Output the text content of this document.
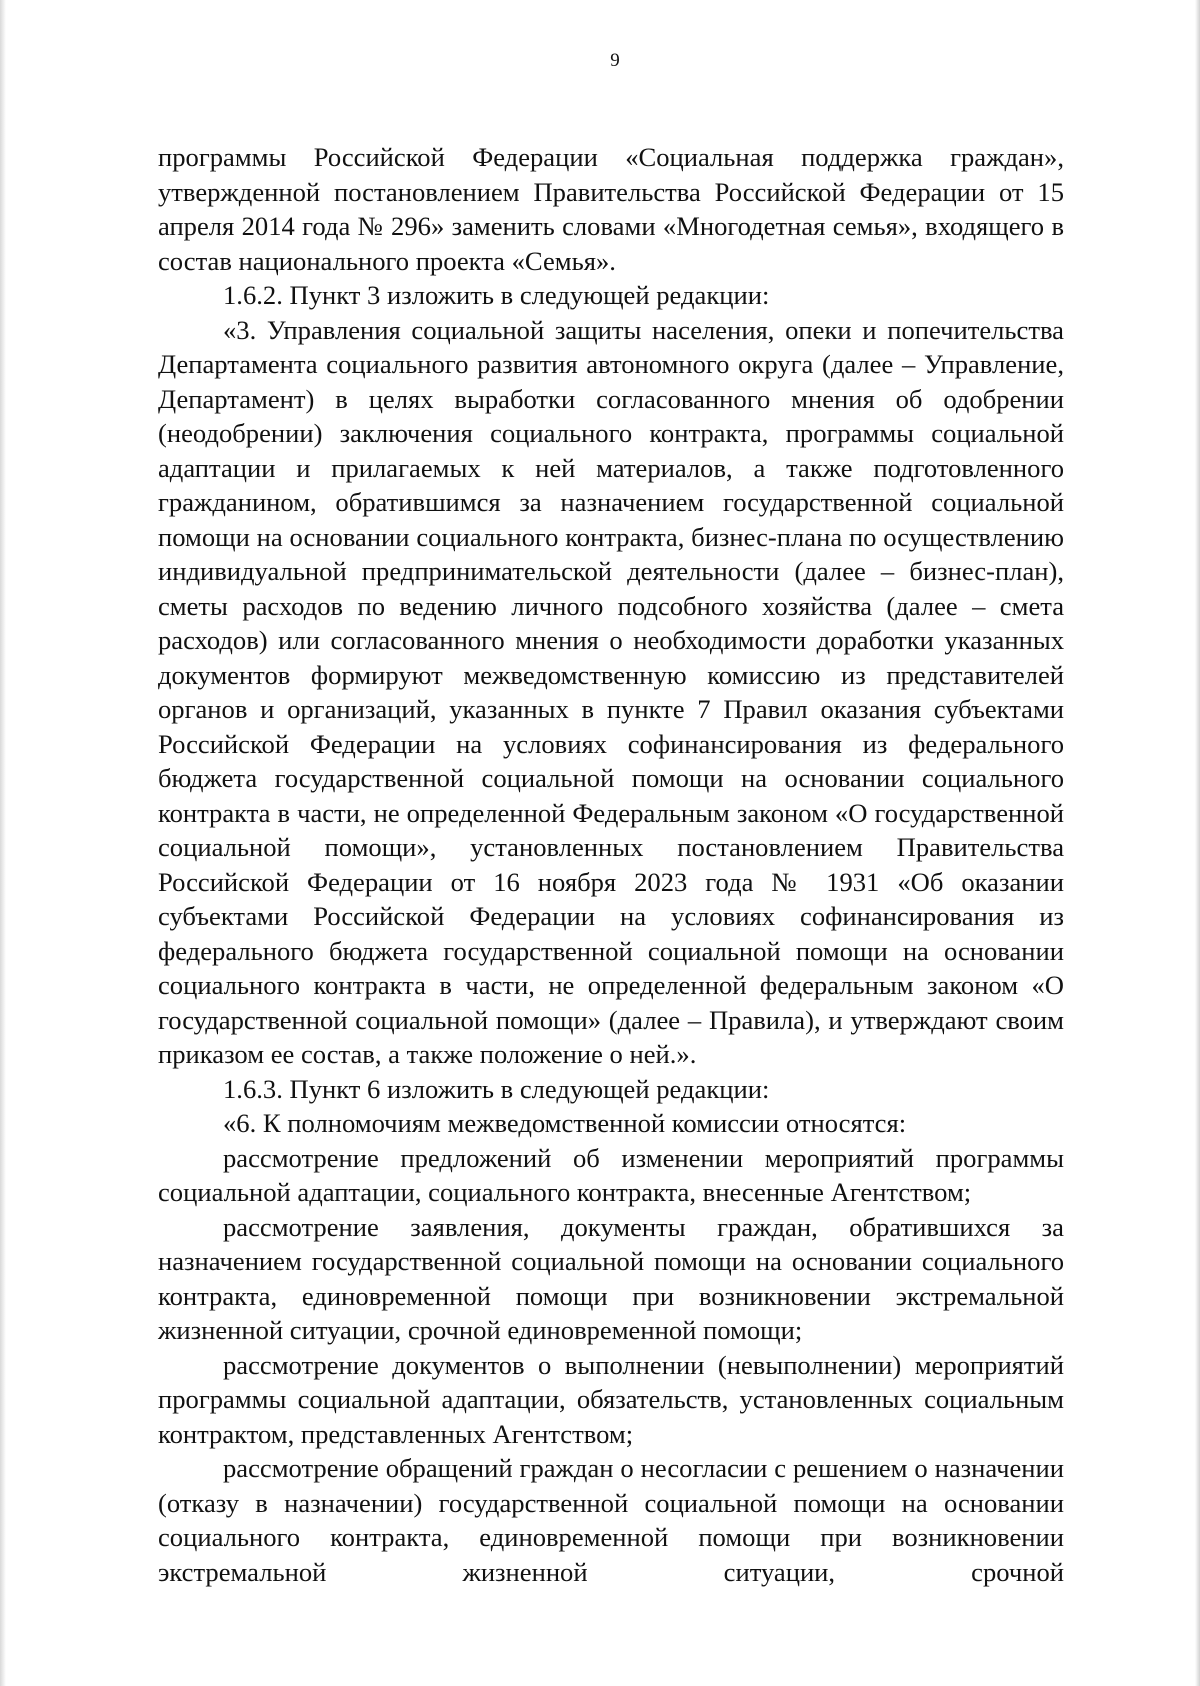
9

программы Российской Федерации «Социальная поддержка граждан», утвержденной постановлением Правительства Российской Федерации от 15 апреля 2014 года № 296» заменить словами «Многодетная семья», входящего в состав национального проекта «Семья».

1.6.2. Пункт 3 изложить в следующей редакции:

«3. Управления социальной защиты населения, опеки и попечительства Департамента социального развития автономного округа (далее – Управление, Департамент) в целях выработки согласованного мнения об одобрении (неодобрении) заключения социального контракта, программы социальной адаптации и прилагаемых к ней материалов, а также подготовленного гражданином, обратившимся за назначением государственной социальной помощи на основании социального контракта, бизнес-плана по осуществлению индивидуальной предпринимательской деятельности (далее – бизнес-план), сметы расходов по ведению личного подсобного хозяйства (далее – смета расходов) или согласованного мнения о необходимости доработки указанных документов формируют межведомственную комиссию из представителей органов и организаций, указанных в пункте 7 Правил оказания субъектами Российской Федерации на условиях софинансирования из федерального бюджета государственной социальной помощи на основании социального контракта в части, не определенной Федеральным законом «О государственной социальной помощи», установленных постановлением Правительства Российской Федерации от 16 ноября 2023 года № 1931 «Об оказании субъектами Российской Федерации на условиях софинансирования из федерального бюджета государственной социальной помощи на основании социального контракта в части, не определенной федеральным законом «О государственной социальной помощи» (далее – Правила), и утверждают своим приказом ее состав, а также положение о ней.».

1.6.3. Пункт 6 изложить в следующей редакции:

«6. К полномочиям межведомственной комиссии относятся:

рассмотрение предложений об изменении мероприятий программы социальной адаптации, социального контракта, внесенные Агентством;

рассмотрение заявления, документы граждан, обратившихся за назначением государственной социальной помощи на основании социального контракта, единовременной помощи при возникновении экстремальной жизненной ситуации, срочной единовременной помощи;

рассмотрение документов о выполнении (невыполнении) мероприятий программы социальной адаптации, обязательств, установленных социальным контрактом, представленных Агентством;

рассмотрение обращений граждан о несогласии с решением о назначении (отказу в назначении) государственной социальной помощи на основании социального контракта, единовременной помощи при возникновении экстремальной жизненной ситуации, срочной
